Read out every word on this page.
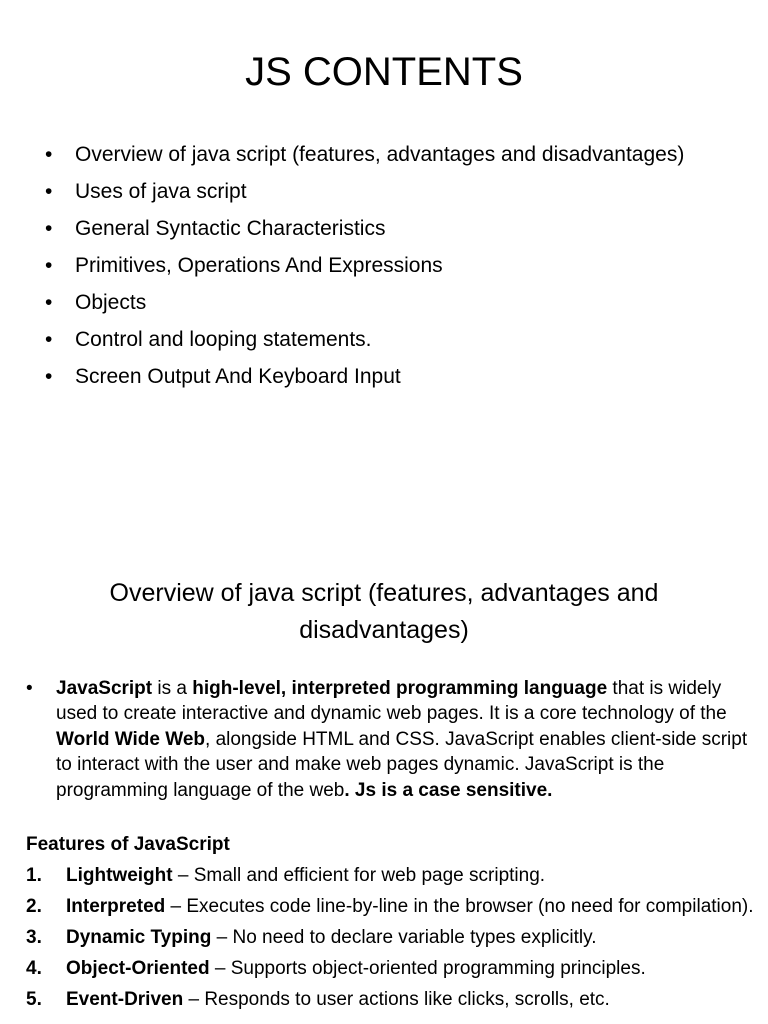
JS CONTENTS
• Overview of java script (features, advantages and disadvantages)
• Uses of java script
• General Syntactic Characteristics
• Primitives, Operations And Expressions
• Objects
• Control and looping statements.
• Screen Output And Keyboard Input
Overview of java script (features, advantages and disadvantages)
• JavaScript is a high-level, interpreted programming language that is widely used to create interactive and dynamic web pages. It is a core technology of the World Wide Web, alongside HTML and CSS. JavaScript enables client-side script to interact with the user and make web pages dynamic. JavaScript is the programming language of the web. Js is a case sensitive.
Features of JavaScript
1. Lightweight – Small and efficient for web page scripting.
2. Interpreted – Executes code line-by-line in the browser (no need for compilation).
3. Dynamic Typing – No need to declare variable types explicitly.
4. Object-Oriented – Supports object-oriented programming principles.
5. Event-Driven – Responds to user actions like clicks, scrolls, etc.
